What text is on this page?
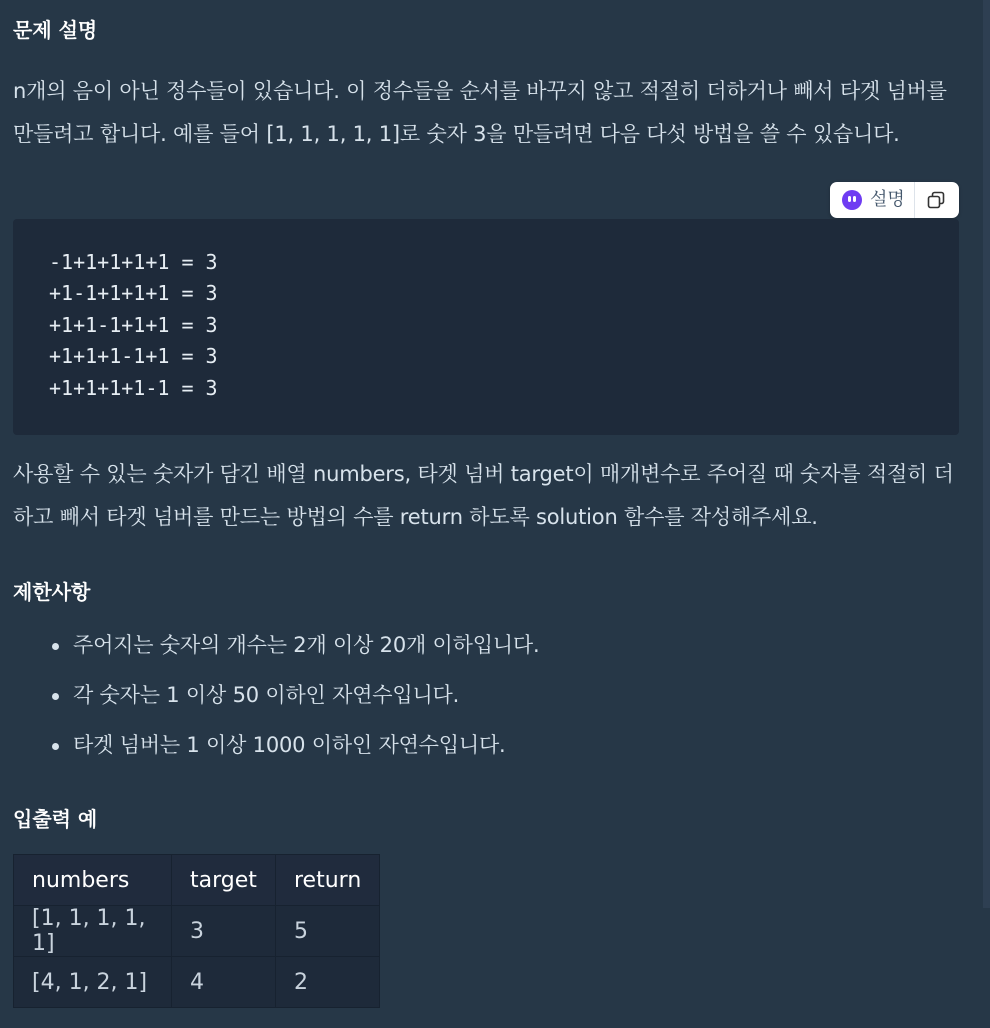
문제 설명

n개의 음이 아닌 정수들이 있습니다. 이 정수들을 순서를 바꾸지 않고 적절히 더하거나 빼서 타겟 넘버를 만들려고 합니다. 예를 들어 [1, 1, 1, 1, 1]로 숫자 3을 만들려면 다음 다섯 방법을 쓸 수 있습니다.

설명
-1+1+1+1+1 = 3
+1-1+1+1+1 = 3
+1+1-1+1+1 = 3
+1+1+1-1+1 = 3
+1+1+1+1-1 = 3

사용할 수 있는 숫자가 담긴 배열 numbers, 타겟 넘버 target이 매개변수로 주어질 때 숫자를 적절히 더하고 빼서 타겟 넘버를 만드는 방법의 수를 return 하도록 solution 함수를 작성해주세요.

제한사항
주어지는 숫자의 개수는 2개 이상 20개 이하입니다.
각 숫자는 1 이상 50 이하인 자연수입니다.
타겟 넘버는 1 이상 1000 이하인 자연수입니다.
입출력 예
numbers	target	return
[1, 1, 1, 1, 1]	3	5
[4, 1, 2, 1]	4	2
